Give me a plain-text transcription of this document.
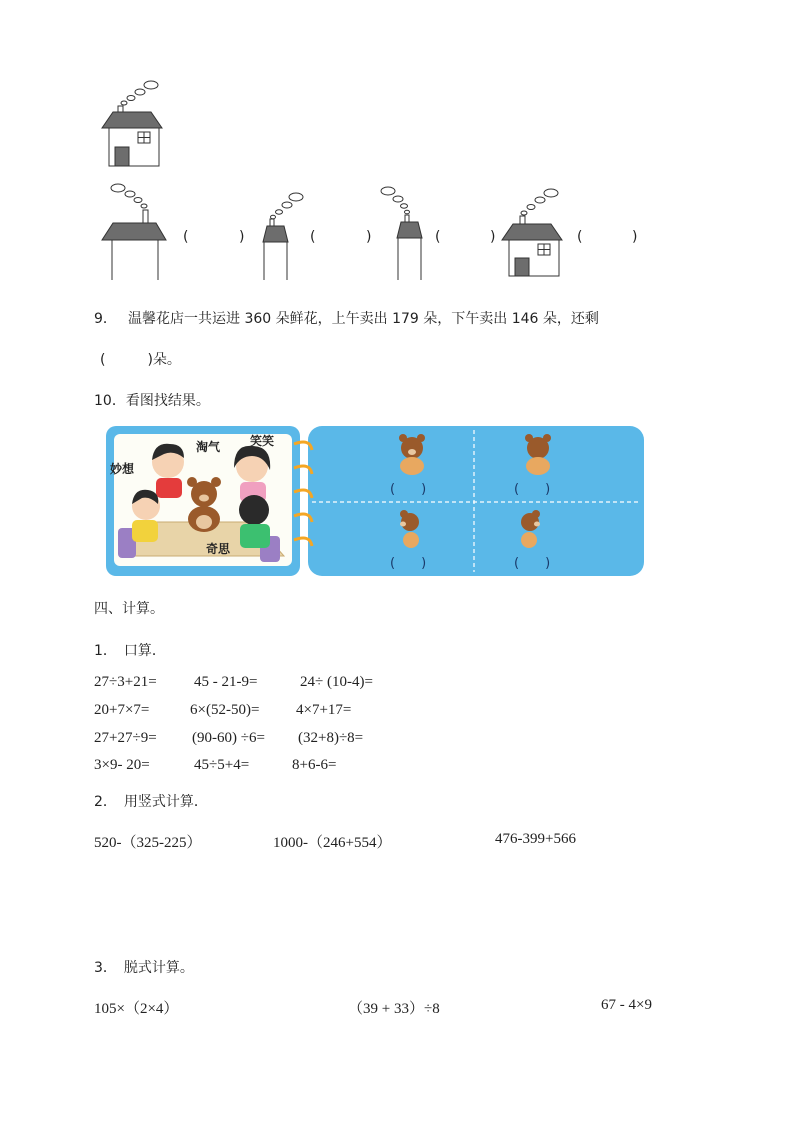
(	)	(	)	(	)	(	)
9． 温馨花店一共运进 360 朵鲜花，上午卖出 179 朵，下午卖出 146 朵，还剩
(　　　)朵。
10．看图找结果。
淘气 笑笑
妙想
奇思
(　　)	(　　)
(　　)	(　　)
四、计算。
1．　口算．
27÷3+21= 45 - 21-9=	24÷ (10-4)=
20+7×7=	6×(52-50)= 4×7+17=
27+27÷9= (90-60) ÷6= (32+8)÷8=
3×9- 20=	45÷5+4=	8+6-6=
2．　用竖式计算．
520-（325-225）	1000-（246+554）	476-399+566
3．　脱式计算。
105×（2×4）	（39 + 33）÷8	67 - 4×9
